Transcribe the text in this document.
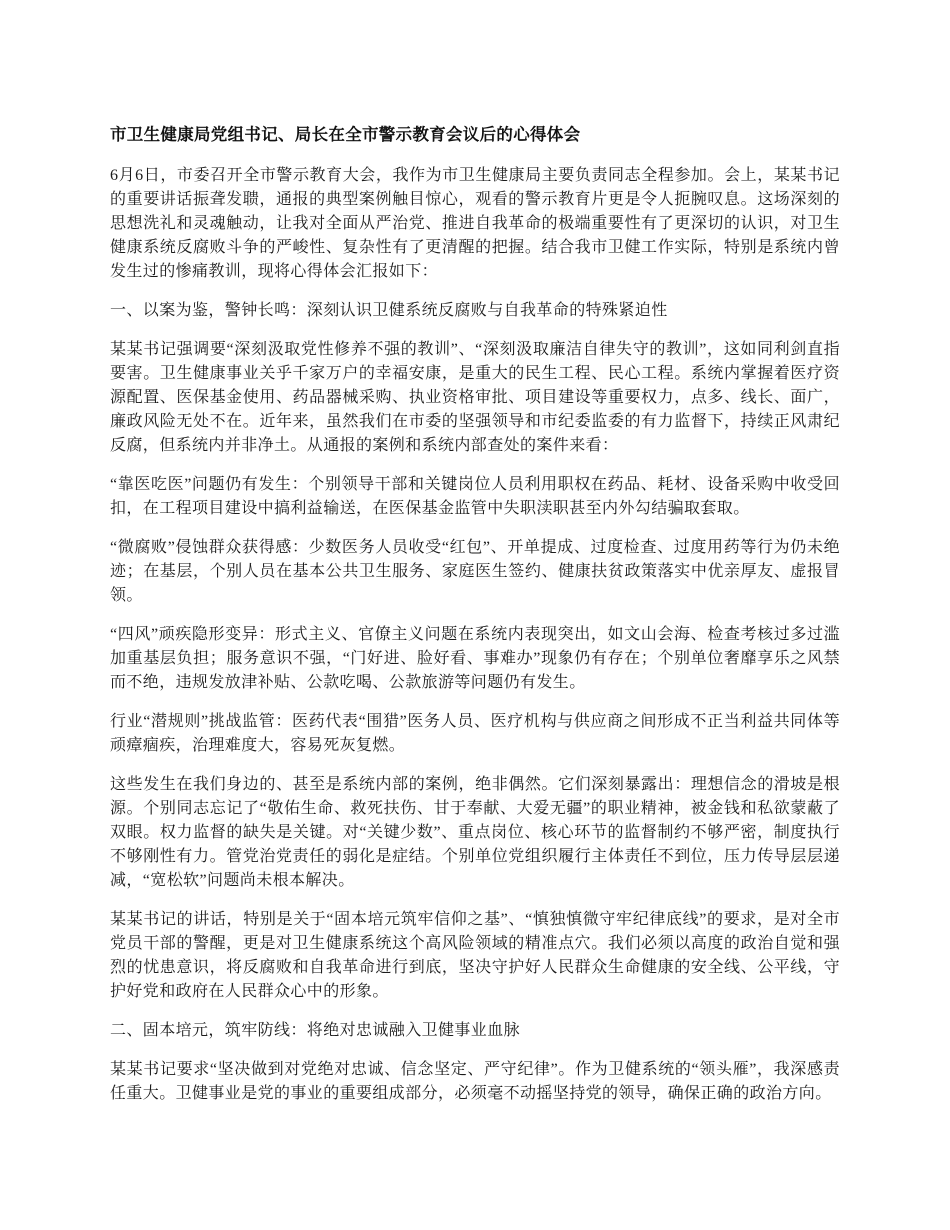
市卫生健康局党组书记、局长在全市警示教育会议后的心得体会

6月6日，市委召开全市警示教育大会，我作为市卫生健康局主要负责同志全程参加。会上，某某书记的重要讲话振聋发聩，通报的典型案例触目惊心，观看的警示教育片更是令人扼腕叹息。这场深刻的思想洗礼和灵魂触动，让我对全面从严治党、推进自我革命的极端重要性有了更深切的认识，对卫生健康系统反腐败斗争的严峻性、复杂性有了更清醒的把握。结合我市卫健工作实际，特别是系统内曾发生过的惨痛教训，现将心得体会汇报如下：

一、以案为鉴，警钟长鸣：深刻认识卫健系统反腐败与自我革命的特殊紧迫性

某某书记强调要“深刻汲取党性修养不强的教训”、“深刻汲取廉洁自律失守的教训”，这如同利剑直指要害。卫生健康事业关乎千家万户的幸福安康，是重大的民生工程、民心工程。系统内掌握着医疗资源配置、医保基金使用、药品器械采购、执业资格审批、项目建设等重要权力，点多、线长、面广，廉政风险无处不在。近年来，虽然我们在市委的坚强领导和市纪委监委的有力监督下，持续正风肃纪反腐，但系统内并非净土。从通报的案例和系统内部查处的案件来看：

“靠医吃医”问题仍有发生：个别领导干部和关键岗位人员利用职权在药品、耗材、设备采购中收受回扣，在工程项目建设中搞利益输送，在医保基金监管中失职渎职甚至内外勾结骗取套取。

“微腐败”侵蚀群众获得感：少数医务人员收受“红包”、开单提成、过度检查、过度用药等行为仍未绝迹；在基层，个别人员在基本公共卫生服务、家庭医生签约、健康扶贫政策落实中优亲厚友、虚报冒领。

“四风”顽疾隐形变异：形式主义、官僚主义问题在系统内表现突出，如文山会海、检查考核过多过滥加重基层负担；服务意识不强，“门好进、脸好看、事难办”现象仍有存在；个别单位奢靡享乐之风禁而不绝，违规发放津补贴、公款吃喝、公款旅游等问题仍有发生。

行业“潜规则”挑战监管：医药代表“围猎”医务人员、医疗机构与供应商之间形成不正当利益共同体等顽瘴痼疾，治理难度大，容易死灰复燃。

这些发生在我们身边的、甚至是系统内部的案例，绝非偶然。它们深刻暴露出：理想信念的滑坡是根源。个别同志忘记了“敬佑生命、救死扶伤、甘于奉献、大爱无疆”的职业精神，被金钱和私欲蒙蔽了双眼。权力监督的缺失是关键。对“关键少数”、重点岗位、核心环节的监督制约不够严密，制度执行不够刚性有力。管党治党责任的弱化是症结。个别单位党组织履行主体责任不到位，压力传导层层递减，“宽松软”问题尚未根本解决。

某某书记的讲话，特别是关于“固本培元筑牢信仰之基”、“慎独慎微守牢纪律底线”的要求，是对全市党员干部的警醒，更是对卫生健康系统这个高风险领域的精准点穴。我们必须以高度的政治自觉和强烈的忧患意识，将反腐败和自我革命进行到底，坚决守护好人民群众生命健康的安全线、公平线，守护好党和政府在人民群众心中的形象。

二、固本培元，筑牢防线：将绝对忠诚融入卫健事业血脉

某某书记要求“坚决做到对党绝对忠诚、信念坚定、严守纪律”。作为卫健系统的“领头雁”，我深感责任重大。卫健事业是党的事业的重要组成部分，必须毫不动摇坚持党的领导，确保正确的政治方向。
